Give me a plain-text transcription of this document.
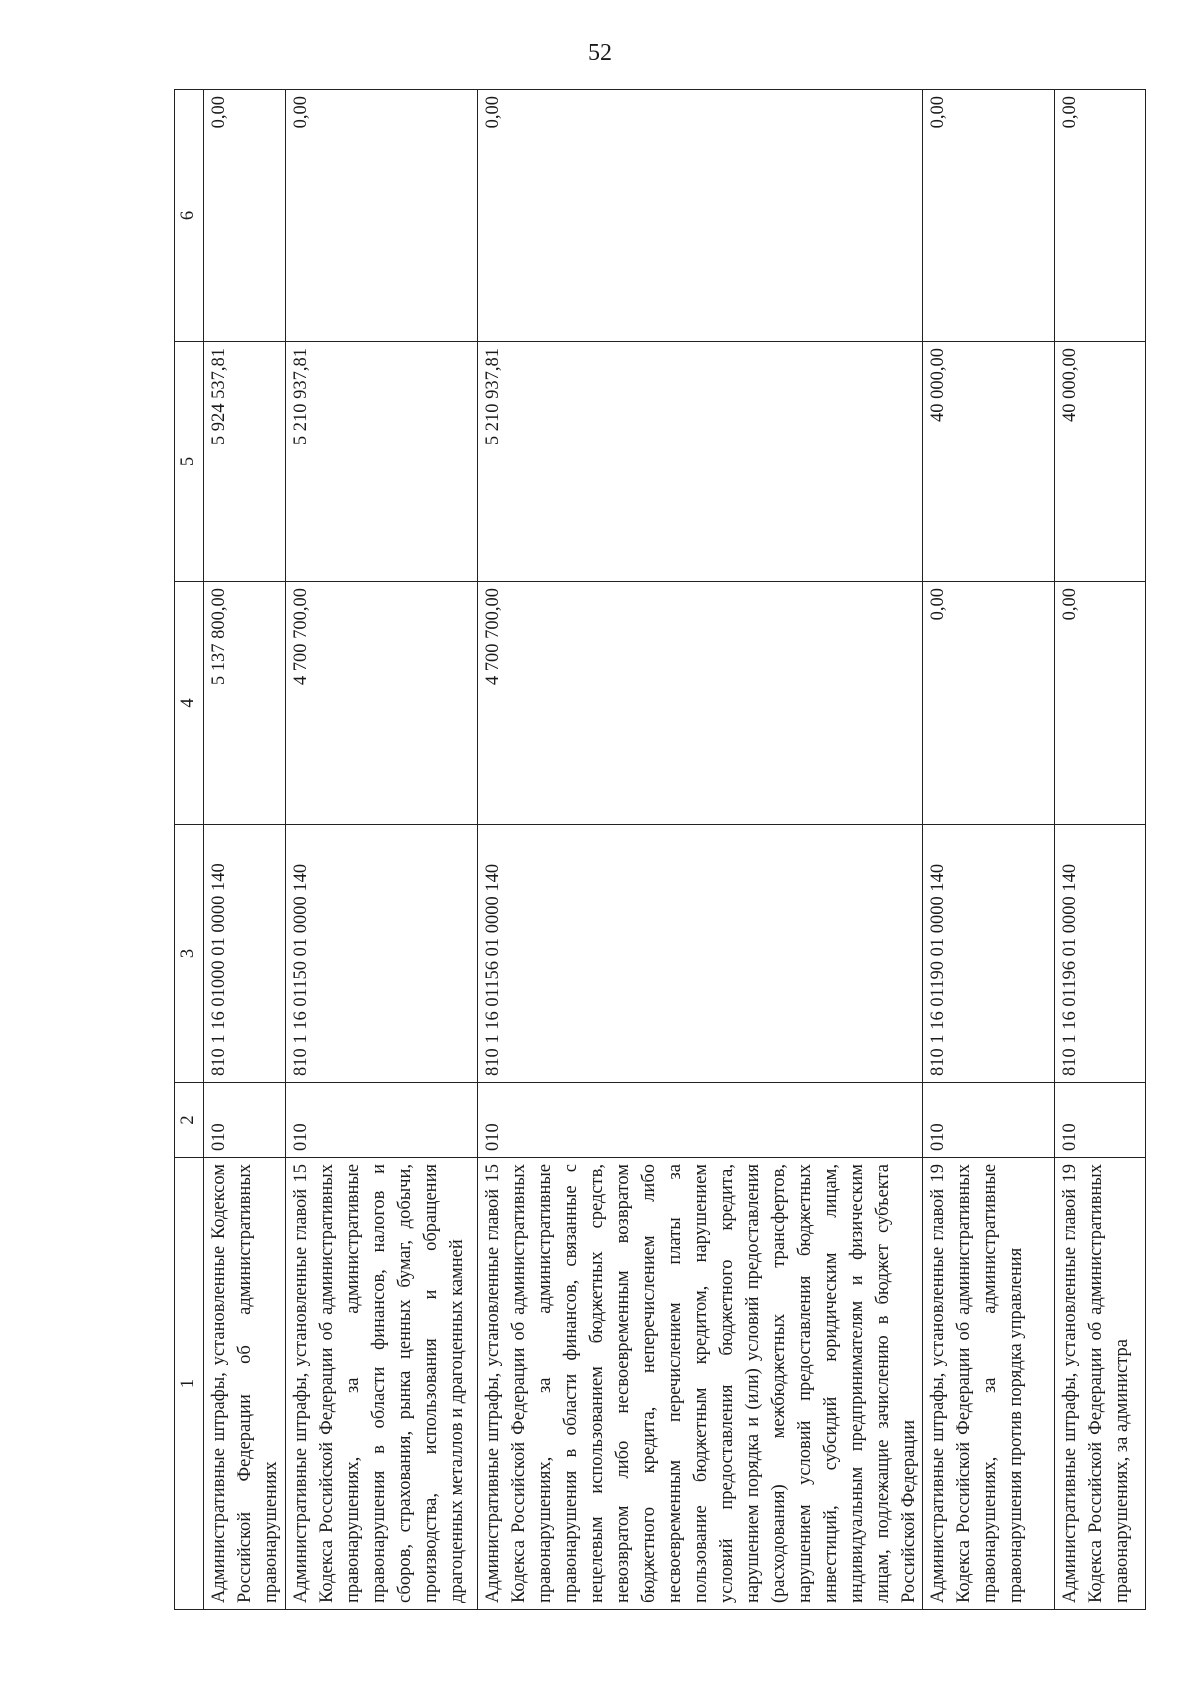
52
1	2	3	4	5	6
Административные штрафы, установленные Кодексом Российской Федерации об административных правонарушениях	010	810 1 16 01000 01 0000 140	5 137 800,00	5 924 537,81	0,00
Административные штрафы, установленные главой 15 Кодекса Российской Федерации об административных правонарушениях, за административные правонарушения в области финансов, налогов и сборов, страхования, рынка ценных бумаг, добычи, производства, использования и обращения драгоценных металлов и драгоценных камней	010	810 1 16 01150 01 0000 140	4 700 700,00	5 210 937,81	0,00
Административные штрафы, установленные главой 15 Кодекса Российской Федерации об административных правонарушениях, за административные правонарушения в области финансов, связанные с нецелевым использованием бюджетных средств, невозвратом либо несвоевременным возвратом бюджетного кредита, неперечислением либо несвоевременным перечислением платы за пользование бюджетным кредитом, нарушением условий предоставления бюджетного кредита, нарушением порядка и (или) условий предоставления (расходования) межбюджетных трансфертов, нарушением условий предоставления бюджетных инвестиций, субсидий юридическим лицам, индивидуальным предпринимателям и физическим лицам, подлежащие зачислению в бюджет субъекта Российской Федерации	010	810 1 16 01156 01 0000 140	4 700 700,00	5 210 937,81	0,00
Административные штрафы, установленные главой 19 Кодекса Российской Федерации об административных правонарушениях, за административные правонарушения против порядка управления	010	810 1 16 01190 01 0000 140	0,00	40 000,00	0,00
Административные штрафы, установленные главой 19 Кодекса Российской Федерации об административных правонарушениях, за администра	010	810 1 16 01196 01 0000 140	0,00	40 000,00	0,00
